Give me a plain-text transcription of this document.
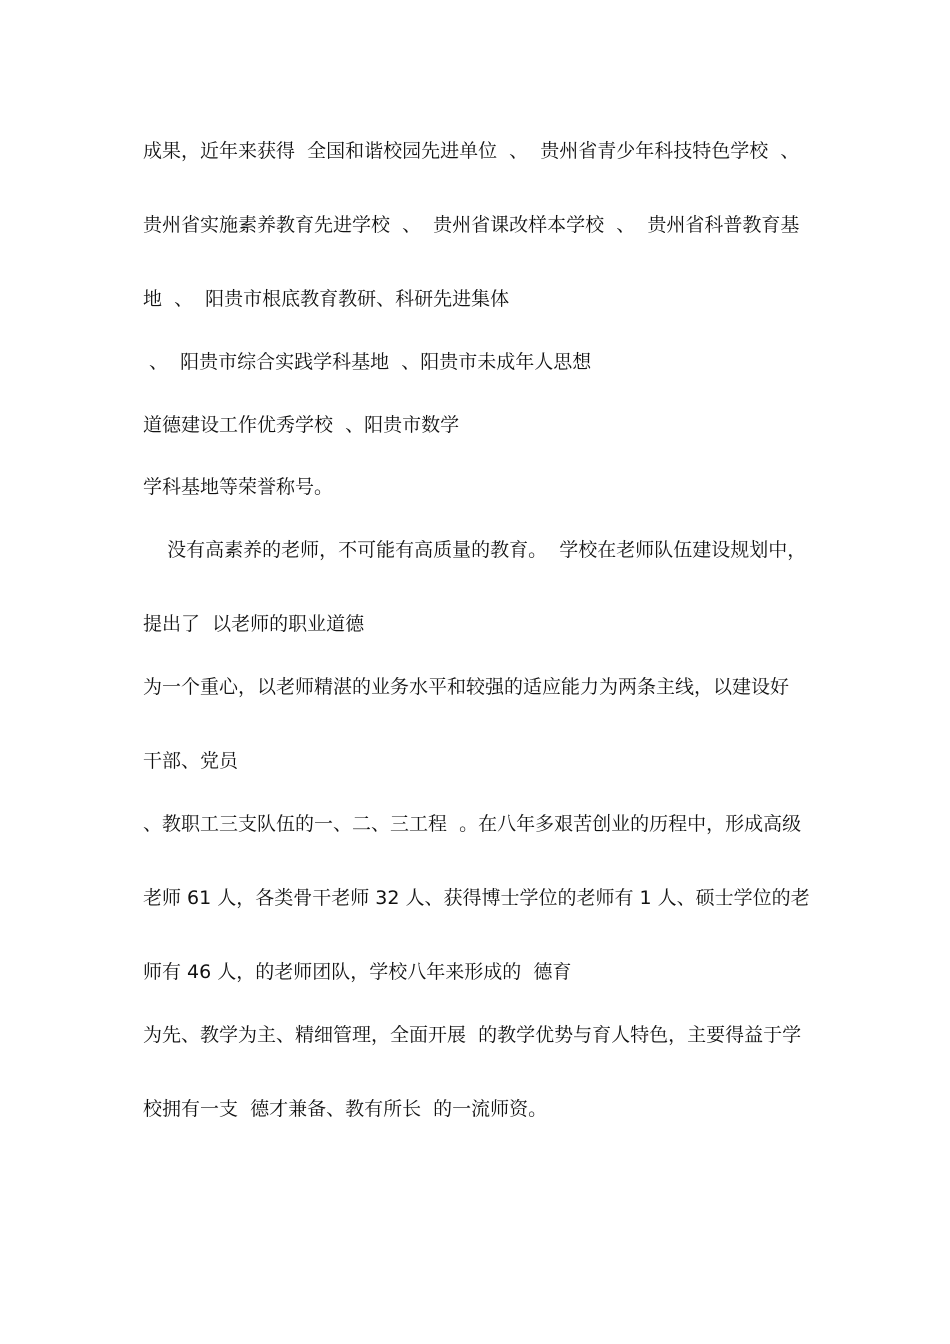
成果，近年来获得  全国和谐校园先进单位  、  贵州省青少年科技特色学校  、
贵州省实施素养教育先进学校  、  贵州省课改样本学校  、  贵州省科普教育基
地  、  阳贵市根底教育教研、科研先进集体
、  阳贵市综合实践学科基地  、阳贵市未成年人思想
道德建设工作优秀学校  、阳贵市数学
学科基地等荣誉称号。
没有高素养的老师，不可能有高质量的教育。  学校在老师队伍建设规划中，
提出了  以老师的职业道德
为一个重心，以老师精湛的业务水平和较强的适应能力为两条主线，以建设好
干部、党员
、教职工三支队伍的一、二、三工程  。在八年多艰苦创业的历程中，形成高级
老师 61 人，各类骨干老师 32 人、获得博士学位的老师有 1 人、硕士学位的老
师有 46 人，的老师团队，学校八年来形成的  德育
为先、教学为主、精细管理，全面开展  的教学优势与育人特色，主要得益于学
校拥有一支  德才兼备、教有所长  的一流师资。
